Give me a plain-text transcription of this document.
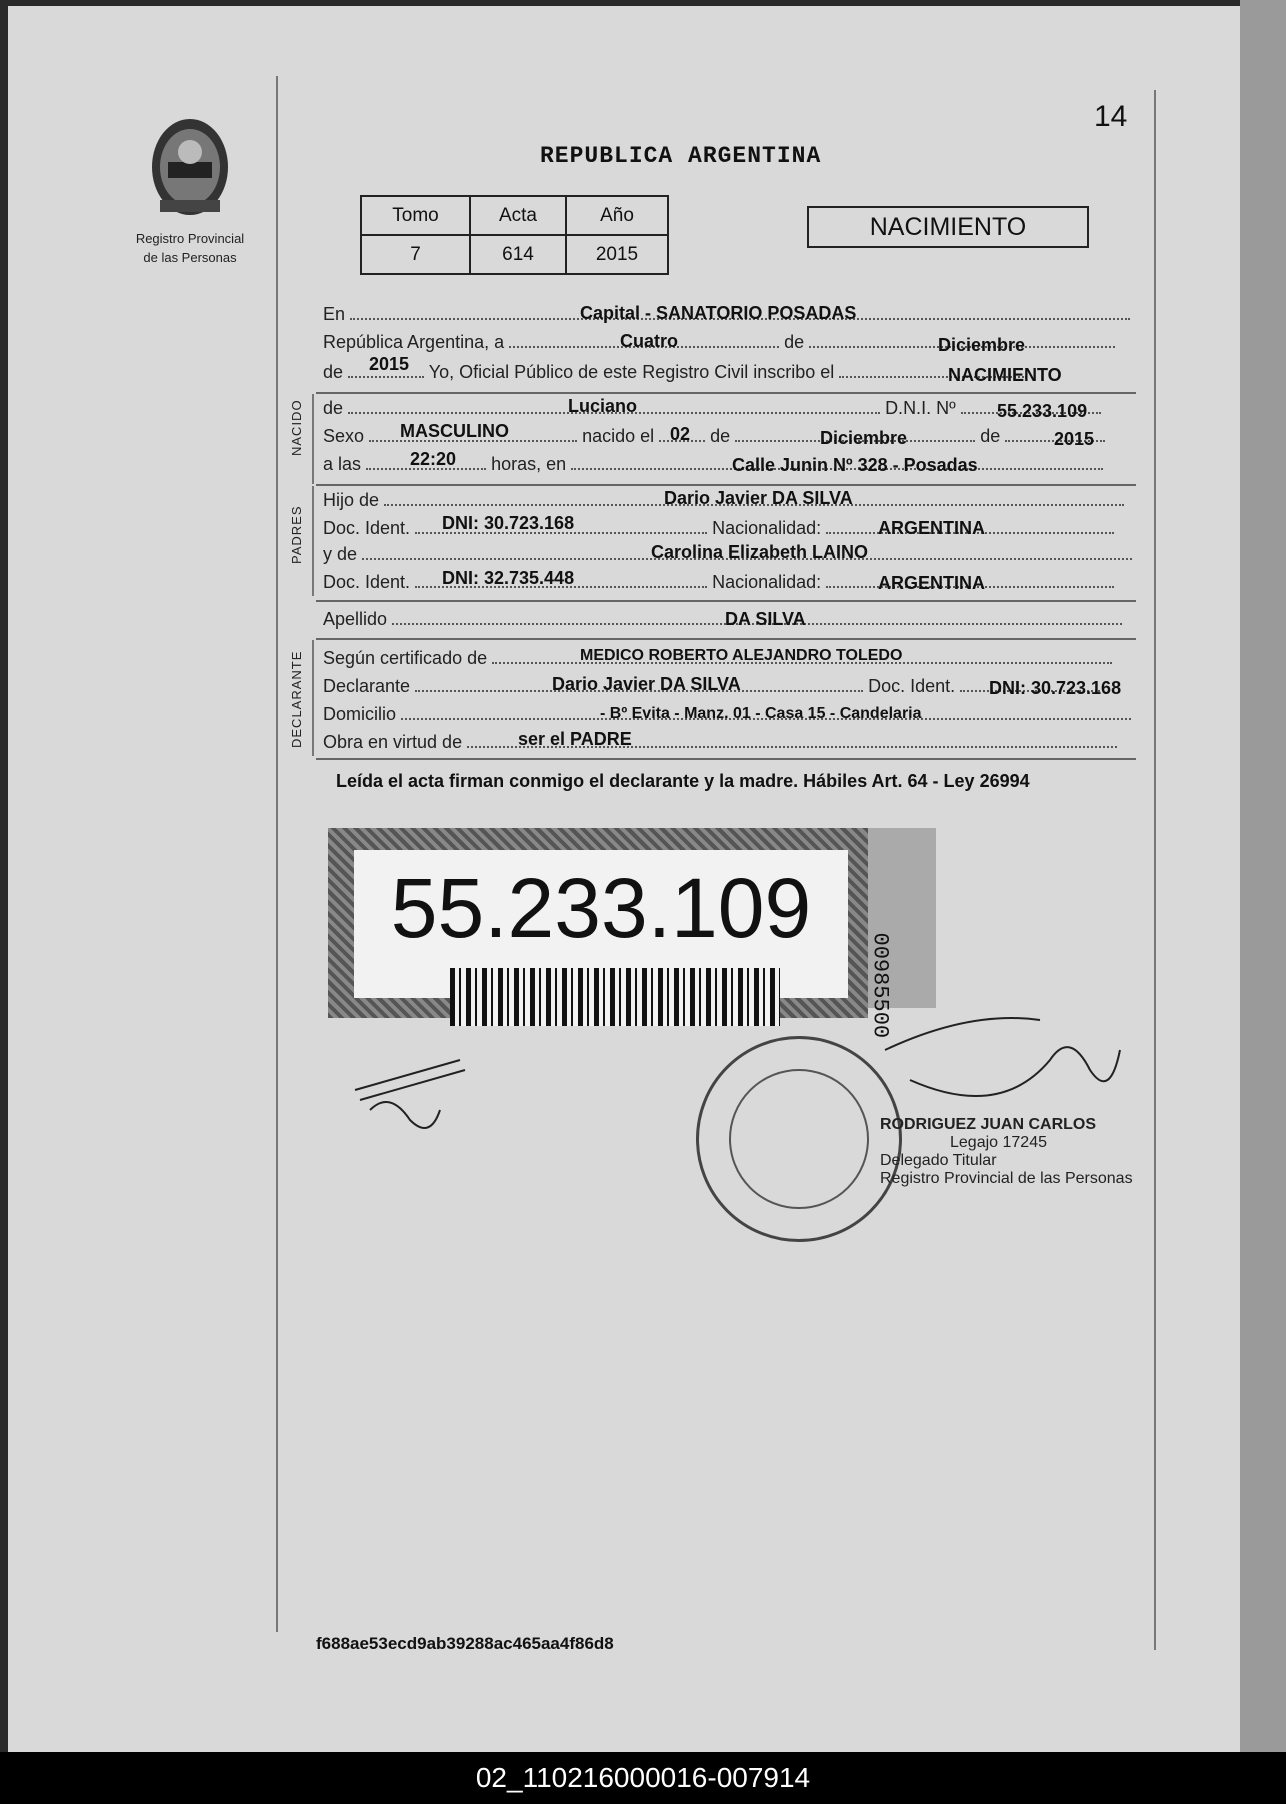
Registro Provincial
de las Personas
14
REPUBLICA ARGENTINA
Tomo	Acta	Año
7	614	2015
NACIMIENTO
En	Capital - SANATORIO POSADAS
República Argentina, a	de
Cuatro	Diciembre
de	Yo, Oficial Público de este Registro Civil inscribo el
2015
NACIMIENTO
NACIDO de	D.N.I. Nº
Luciano	55.233.109
Sexo	nacido el	de	de
MASCULINO	02	Diciembre	2015
a las	horas, en
22:20	Calle Junin Nº 328 - Posadas
PADRES
Hijo de	Dario Javier DA SILVA
Doc. Ident.	Nacionalidad:
DNI: 30.723.168	ARGENTINA
y de	Carolina Elizabeth LAINO
Doc. Ident.	Nacionalidad:
DNI: 32.735.448	ARGENTINA
Apellido	DA SILVA
DECLARANTE Según certificado de	MEDICO ROBERTO ALEJANDRO TOLEDO
Declarante	Doc. Ident.
Dario Javier DA SILVA	DNI: 30.723.168
Domicilio	- Bº Evita - Manz. 01 - Casa 15 - Candelaria
Obra en virtud de	ser el PADRE
Leída el acta firman conmigo el declarante y la madre. Hábiles Art. 64 - Ley 26994
55.233.109
00985500
RODRIGUEZ JUAN CARLOS
Legajo 17245
Delegado Titular
Registro Provincial de las Personas
f688ae53ecd9ab39288ac465aa4f86d8
02_110216000016-007914
